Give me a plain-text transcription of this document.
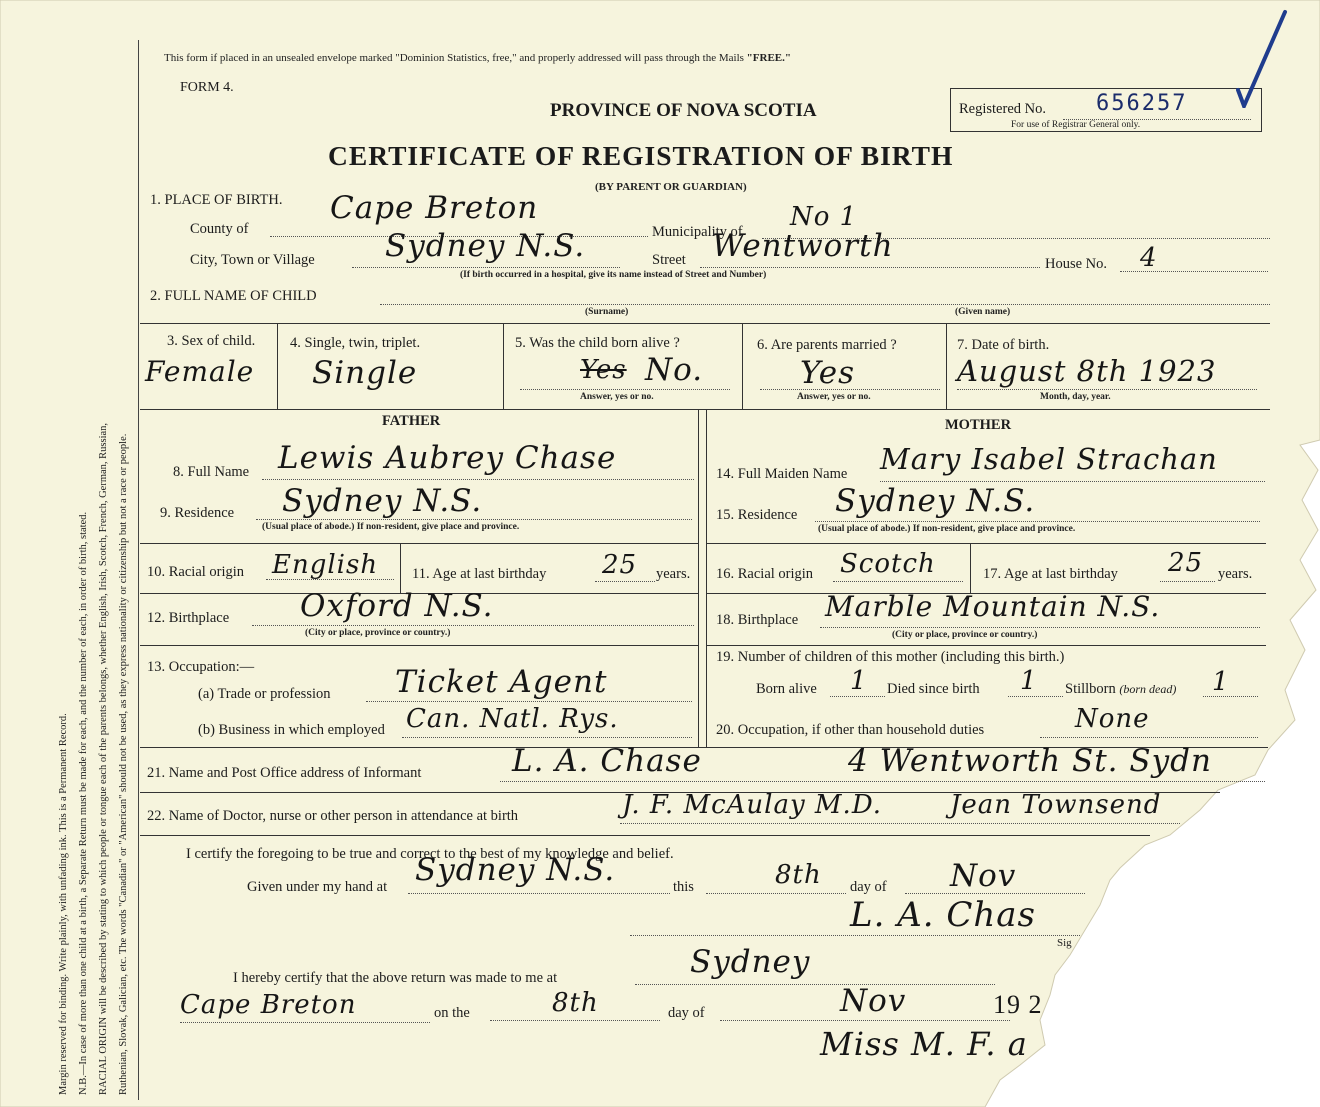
Margin reserved for binding. Write plainly, with unfading ink. This is a Permanent Record. N.B.—In case of more than one child at a birth, a Separate Return must be made for each, and the number of each, in order of birth, stated. RACIAL ORIGIN will be described by stating to which people or tongue each of the parents belongs, whether English, Irish, Scotch, French, German, Russian, Ruthenian, Slovak, Galician, etc. The words "Canadian" or "American" should not be used, as they express nationality or citizenship but not a race or people.
This form if placed in an unsealed envelope marked "Dominion Statistics, free," and properly addressed will pass through the Mails "FREE."
FORM 4.
PROVINCE OF NOVA SCOTIA
CERTIFICATE OF REGISTRATION OF BIRTH
(BY PARENT OR GUARDIAN)
Registered No. 656257
For use of Registrar General only.
1. PLACE OF BIRTH.
County of
Cape Breton
Municipality of No 1
City, Town or Village Sydney N.S.	Street Wentworth	House No. 4
(If birth occurred in a hospital, give its name instead of Street and Number)
2. FULL NAME OF CHILD
(Surname)	(Given name)
3. Sex of child.
Female
4. Single, twin, triplet.
Single
5. Was the child born alive ?
Yes No.
Answer, yes or no.
6. Are parents married ?
Yes
Answer, yes or no.
7. Date of birth.
August 8th 1923
Month, day, year.
FATHER	MOTHER
8. Full Name Lewis Aubrey Chase
9. Residence Sydney N.S.
(Usual place of abode.) If non-resident, give place and province.
10. Racial origin English 11. Age at last birthday 25 years.
12. Birthplace Oxford N.S.
(City or place, province or country.)
13. Occupation:—
(a) Trade or profession Ticket Agent
(b) Business in which employed Can. Natl. Rys.
14. Full Maiden Name Mary Isabel Strachan
15. Residence Sydney N.S.
(Usual place of abode.) If non-resident, give place and province.
16. Racial origin Scotch	17. Age at last birthday 25 years.
18. Birthplace Marble Mountain N.S.
(City or place, province or country.)
19. Number of children of this mother (including this birth.)
Born alive 1 Died since birth 1 Stillborn (born dead) 1
20. Occupation, if other than household duties	None
21. Name and Post Office address of Informant	L. A. Chase	4 Wentworth St. Sydn
22. Name of Doctor, nurse or other person in attendance at birth	J. F. McAulay M.D.	Jean Townsend
I certify the foregoing to be true and correct to the best of my knowledge and belief.
Given under my hand at Sydney N.S.	this	8th day of Nov
L. A. Chas
Sig
I hereby certify that the above return was made to me at	Sydney
Cape Breton	on the	8th	day of	Nov	19 2
Miss M. F. a
